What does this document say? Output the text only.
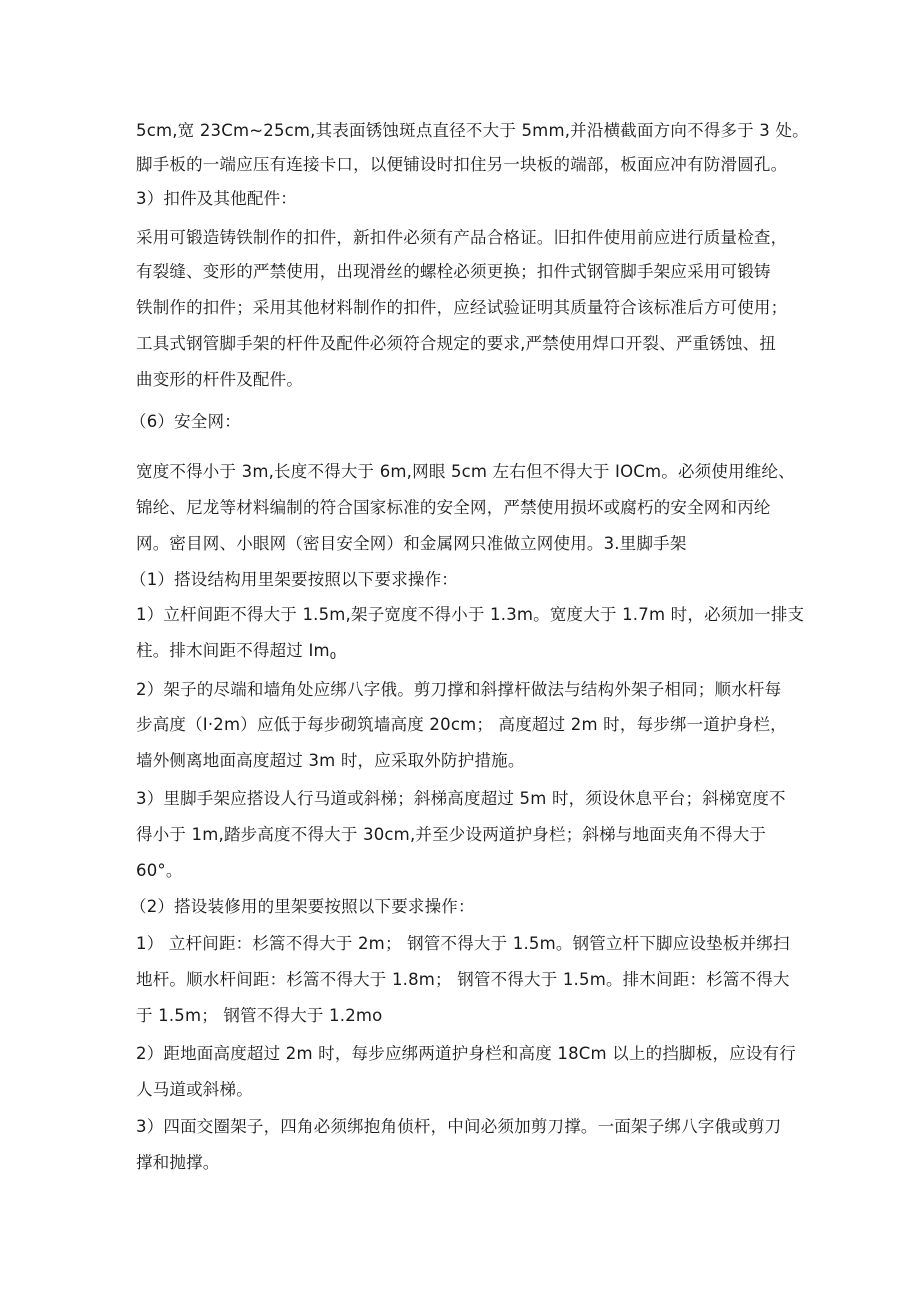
5cm,宽 23Cm~25cm,其表面锈蚀斑点直径不大于 5mm,并沿横截面方向不得多于 3 处。
脚手板的一端应压有连接卡口，以便铺设时扣住另一块板的端部，板面应冲有防滑圆孔。
3）扣件及其他配件：
采用可锻造铸铁制作的扣件，新扣件必须有产品合格证。旧扣件使用前应进行质量检查，
有裂缝、变形的严禁使用，出现滑丝的螺栓必须更换；扣件式钢管脚手架应采用可锻铸
铁制作的扣件；采用其他材料制作的扣件，应经试验证明其质量符合该标准后方可使用；
工具式钢管脚手架的杆件及配件必须符合规定的要求,严禁使用焊口开裂、严重锈蚀、扭
曲变形的杆件及配件。
（6）安全网：
宽度不得小于 3m,长度不得大于 6m,网眼 5cm 左右但不得大于 IOCm。必须使用维纶、
锦纶、尼龙等材料编制的符合国家标准的安全网，严禁使用损坏或腐朽的安全网和丙纶
网。密目网、小眼网（密目安全网）和金属网只准做立网使用。3.里脚手架
（1）搭设结构用里架要按照以下要求操作：
1）立杆间距不得大于 1.5m,架子宽度不得小于 1.3m。宽度大于 1.7m 时，必须加一排支
柱。排木间距不得超过 $Im_0$
2）架子的尽端和墙角处应绑八字俄。剪刀撑和斜撑杆做法与结构外架子相同；顺水杆每
步高度（I·2m）应低于每步砌筑墙高度 20cm； 高度超过 2m 时，每步绑一道护身栏，
墙外侧离地面高度超过 3m 时，应采取外防护措施。
3）里脚手架应搭设人行马道或斜梯；斜梯高度超过 5m 时，须设休息平台；斜梯宽度不
得小于 1m,踏步高度不得大于 30cm,并至少设两道护身栏；斜梯与地面夹角不得大于
60°。
（2）搭设装修用的里架要按照以下要求操作：
1） 立杆间距：杉篙不得大于 2m； 钢管不得大于 1.5m。钢管立杆下脚应设垫板并绑扫
地杆。顺水杆间距：杉篙不得大于 1.8m； 钢管不得大于 1.5m。排木间距：杉篙不得大
于 1.5m； 钢管不得大于 1.2mo
2）距地面高度超过 2m 时，每步应绑两道护身栏和高度 18Cm 以上的挡脚板，应设有行
人马道或斜梯。
3）四面交圈架子，四角必须绑抱角侦杆，中间必须加剪刀撑。一面架子绑八字俄或剪刀
撑和抛撑。
